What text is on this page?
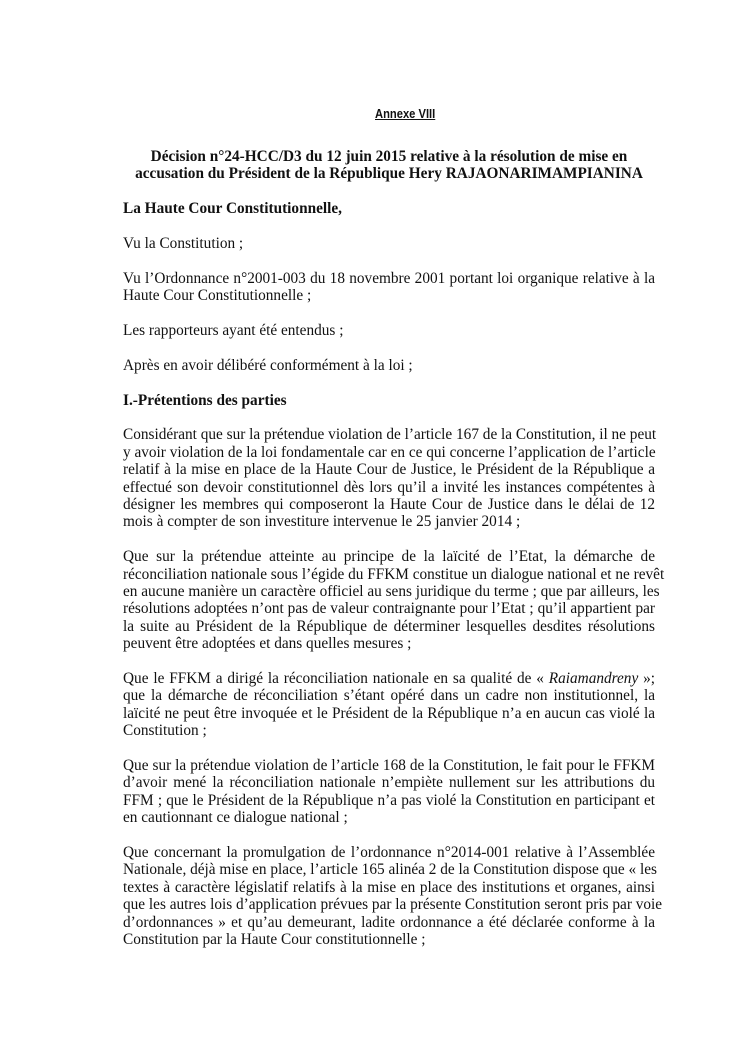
Annexe VIII
Décision n°24-HCC/D3 du 12 juin 2015 relative à la résolution de mise en
accusation du Président de la République Hery RAJAONARIMAMPIANINA
La Haute Cour Constitutionnelle,
Vu la Constitution ;
Vu l’Ordonnance n°2001-003 du 18 novembre 2001 portant loi organique relative à la
Haute Cour Constitutionnelle ;
Les rapporteurs ayant été entendus ;
Après en avoir délibéré conformément à la loi ;
I.-Prétentions des parties
Considérant que sur la prétendue violation de l’article 167 de la Constitution, il ne peut
y avoir violation de la loi fondamentale car en ce qui concerne l’application de l’article
relatif à la mise en place de la Haute Cour de Justice, le Président de la République a
effectué son devoir constitutionnel dès lors qu’il a invité les instances compétentes à
désigner les membres qui composeront la Haute Cour de Justice dans le délai de 12
mois à compter de son investiture intervenue le 25 janvier 2014 ;
Que sur la prétendue atteinte au principe de la laïcité de l’Etat, la démarche de
réconciliation nationale sous l’égide du FFKM constitue un dialogue national et ne revêt
en aucune manière un caractère officiel au sens juridique du terme ; que par ailleurs, les
résolutions adoptées n’ont pas de valeur contraignante pour l’Etat ; qu’il appartient par
la suite au Président de la République de déterminer lesquelles desdites résolutions
peuvent être adoptées et dans quelles mesures ;
Que le FFKM a dirigé la réconciliation nationale en sa qualité de « Raiamandreny »;
que la démarche de réconciliation s’étant opéré dans un cadre non institutionnel, la
laïcité ne peut être invoquée et le Président de la République n’a en aucun cas violé la
Constitution ;
Que sur la prétendue violation de l’article 168 de la Constitution, le fait pour le FFKM
d’avoir mené la réconciliation nationale n’empiète nullement sur les attributions du
FFM ; que le Président de la République n’a pas violé la Constitution en participant et
en cautionnant ce dialogue national ;
Que concernant la promulgation de l’ordonnance n°2014-001 relative à l’Assemblée
Nationale, déjà mise en place, l’article 165 alinéa 2 de la Constitution dispose que « les
textes à caractère législatif relatifs à la mise en place des institutions et organes, ainsi
que les autres lois d’application prévues par la présente Constitution seront pris par voie
d’ordonnances » et qu’au demeurant, ladite ordonnance a été déclarée conforme à la
Constitution par la Haute Cour constitutionnelle ;
